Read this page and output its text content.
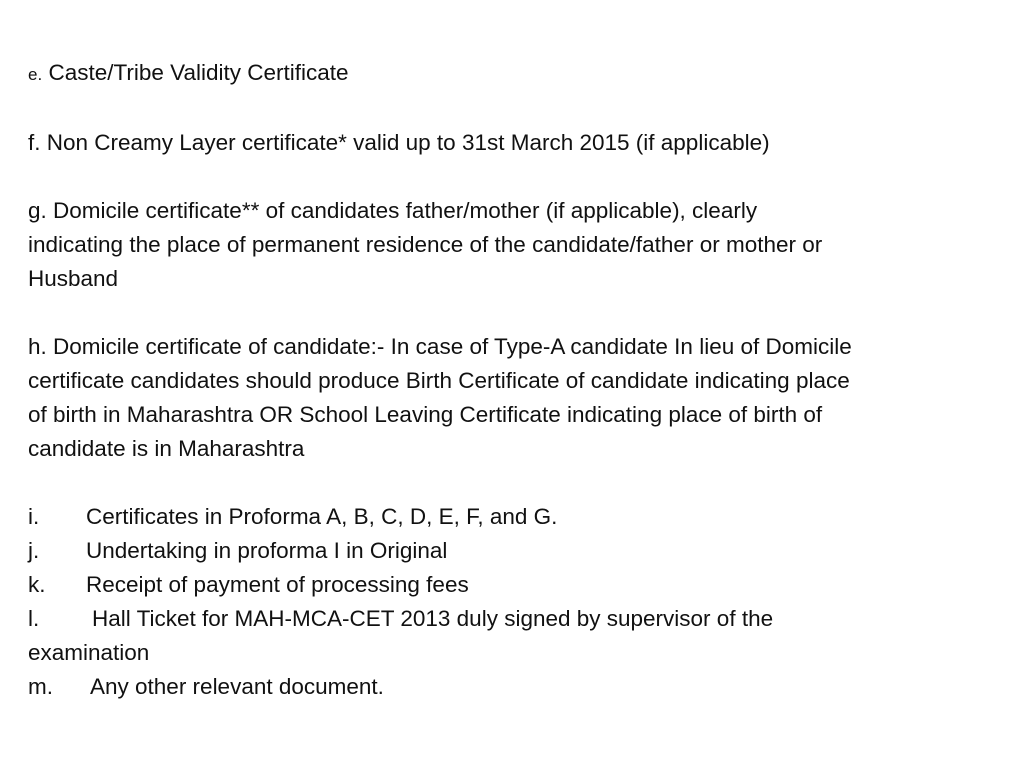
e. Caste/Tribe Validity Certificate

f. Non Creamy Layer certificate* valid up to 31st March 2015 (if applicable)

g. Domicile certificate** of candidates father/mother (if applicable), clearly

indicating the place of permanent residence of the candidate/father or mother or

Husband

h. Domicile certificate of candidate:- In case of Type-A candidate In lieu of Domicile

certificate candidates should produce Birth Certificate of candidate indicating place

of birth in Maharashtra OR School Leaving Certificate indicating place of birth of

candidate is in Maharashtra

i. Certificates in Proforma A, B, C, D, E, F, and G.

j. Undertaking in proforma I in Original

k. Receipt of payment of processing fees

l. Hall Ticket for MAH-MCA-CET 2013 duly signed by supervisor of the

examination

m. Any other relevant document.
